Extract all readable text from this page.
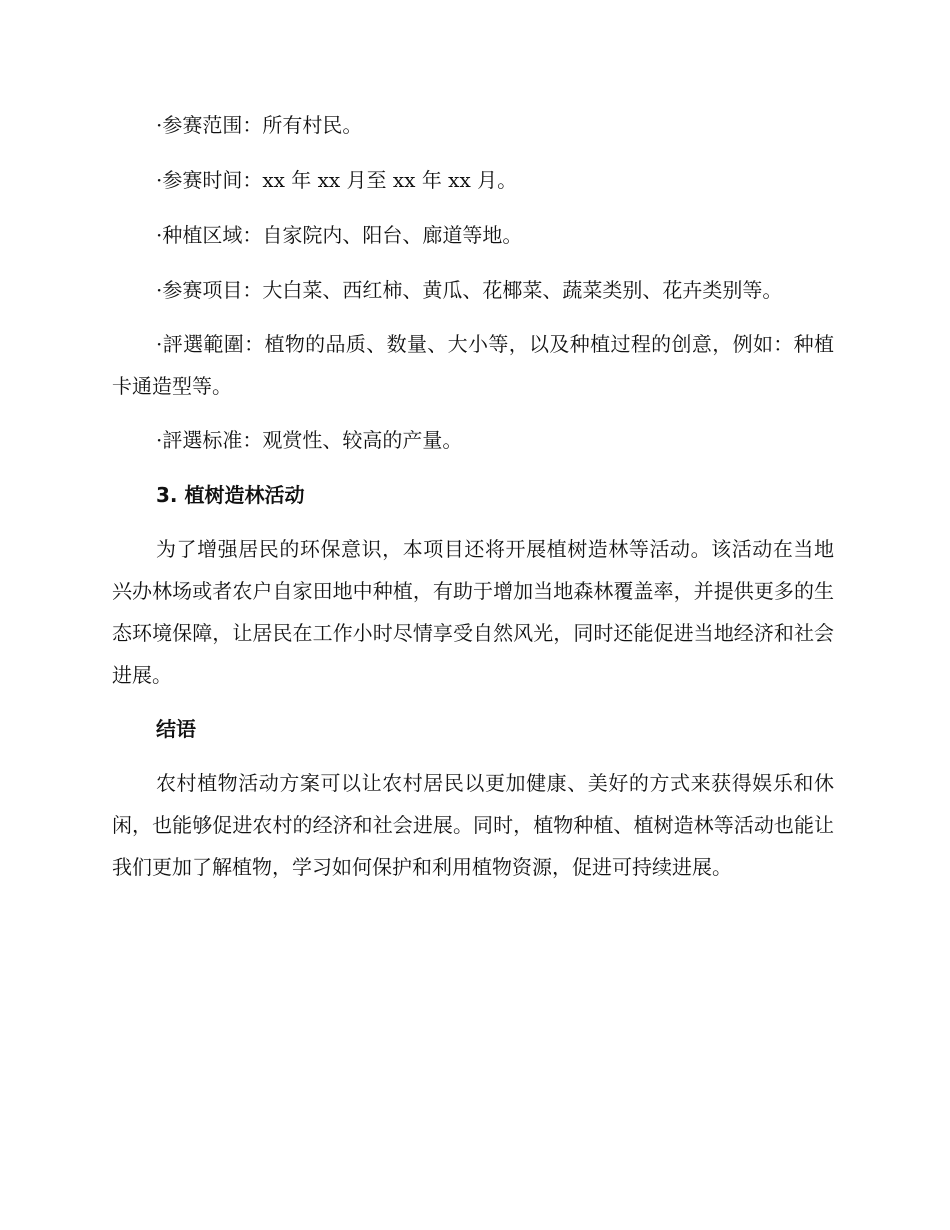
·参赛范围：所有村民。

·参赛时间：xx 年 xx 月至 xx 年 xx 月。

·种植区域：自家院内、阳台、廊道等地。

·参赛项目：大白菜、西红柿、黄瓜、花椰菜、蔬菜类别、花卉类别等。

·評選範圍：植物的品质、数量、大小等，以及种植过程的创意，例如：种植卡通造型等。

·評選标准：观赏性、较高的产量。

3. 植树造林活动

为了增强居民的环保意识，本项目还将开展植树造林等活动。该活动在当地兴办林场或者农户自家田地中种植，有助于增加当地森林覆盖率，并提供更多的生态环境保障，让居民在工作小时尽情享受自然风光，同时还能促进当地经济和社会进展。

结语

农村植物活动方案可以让农村居民以更加健康、美好的方式来获得娱乐和休闲，也能够促进农村的经济和社会进展。同时，植物种植、植树造林等活动也能让我们更加了解植物，学习如何保护和利用植物资源，促进可持续进展。
